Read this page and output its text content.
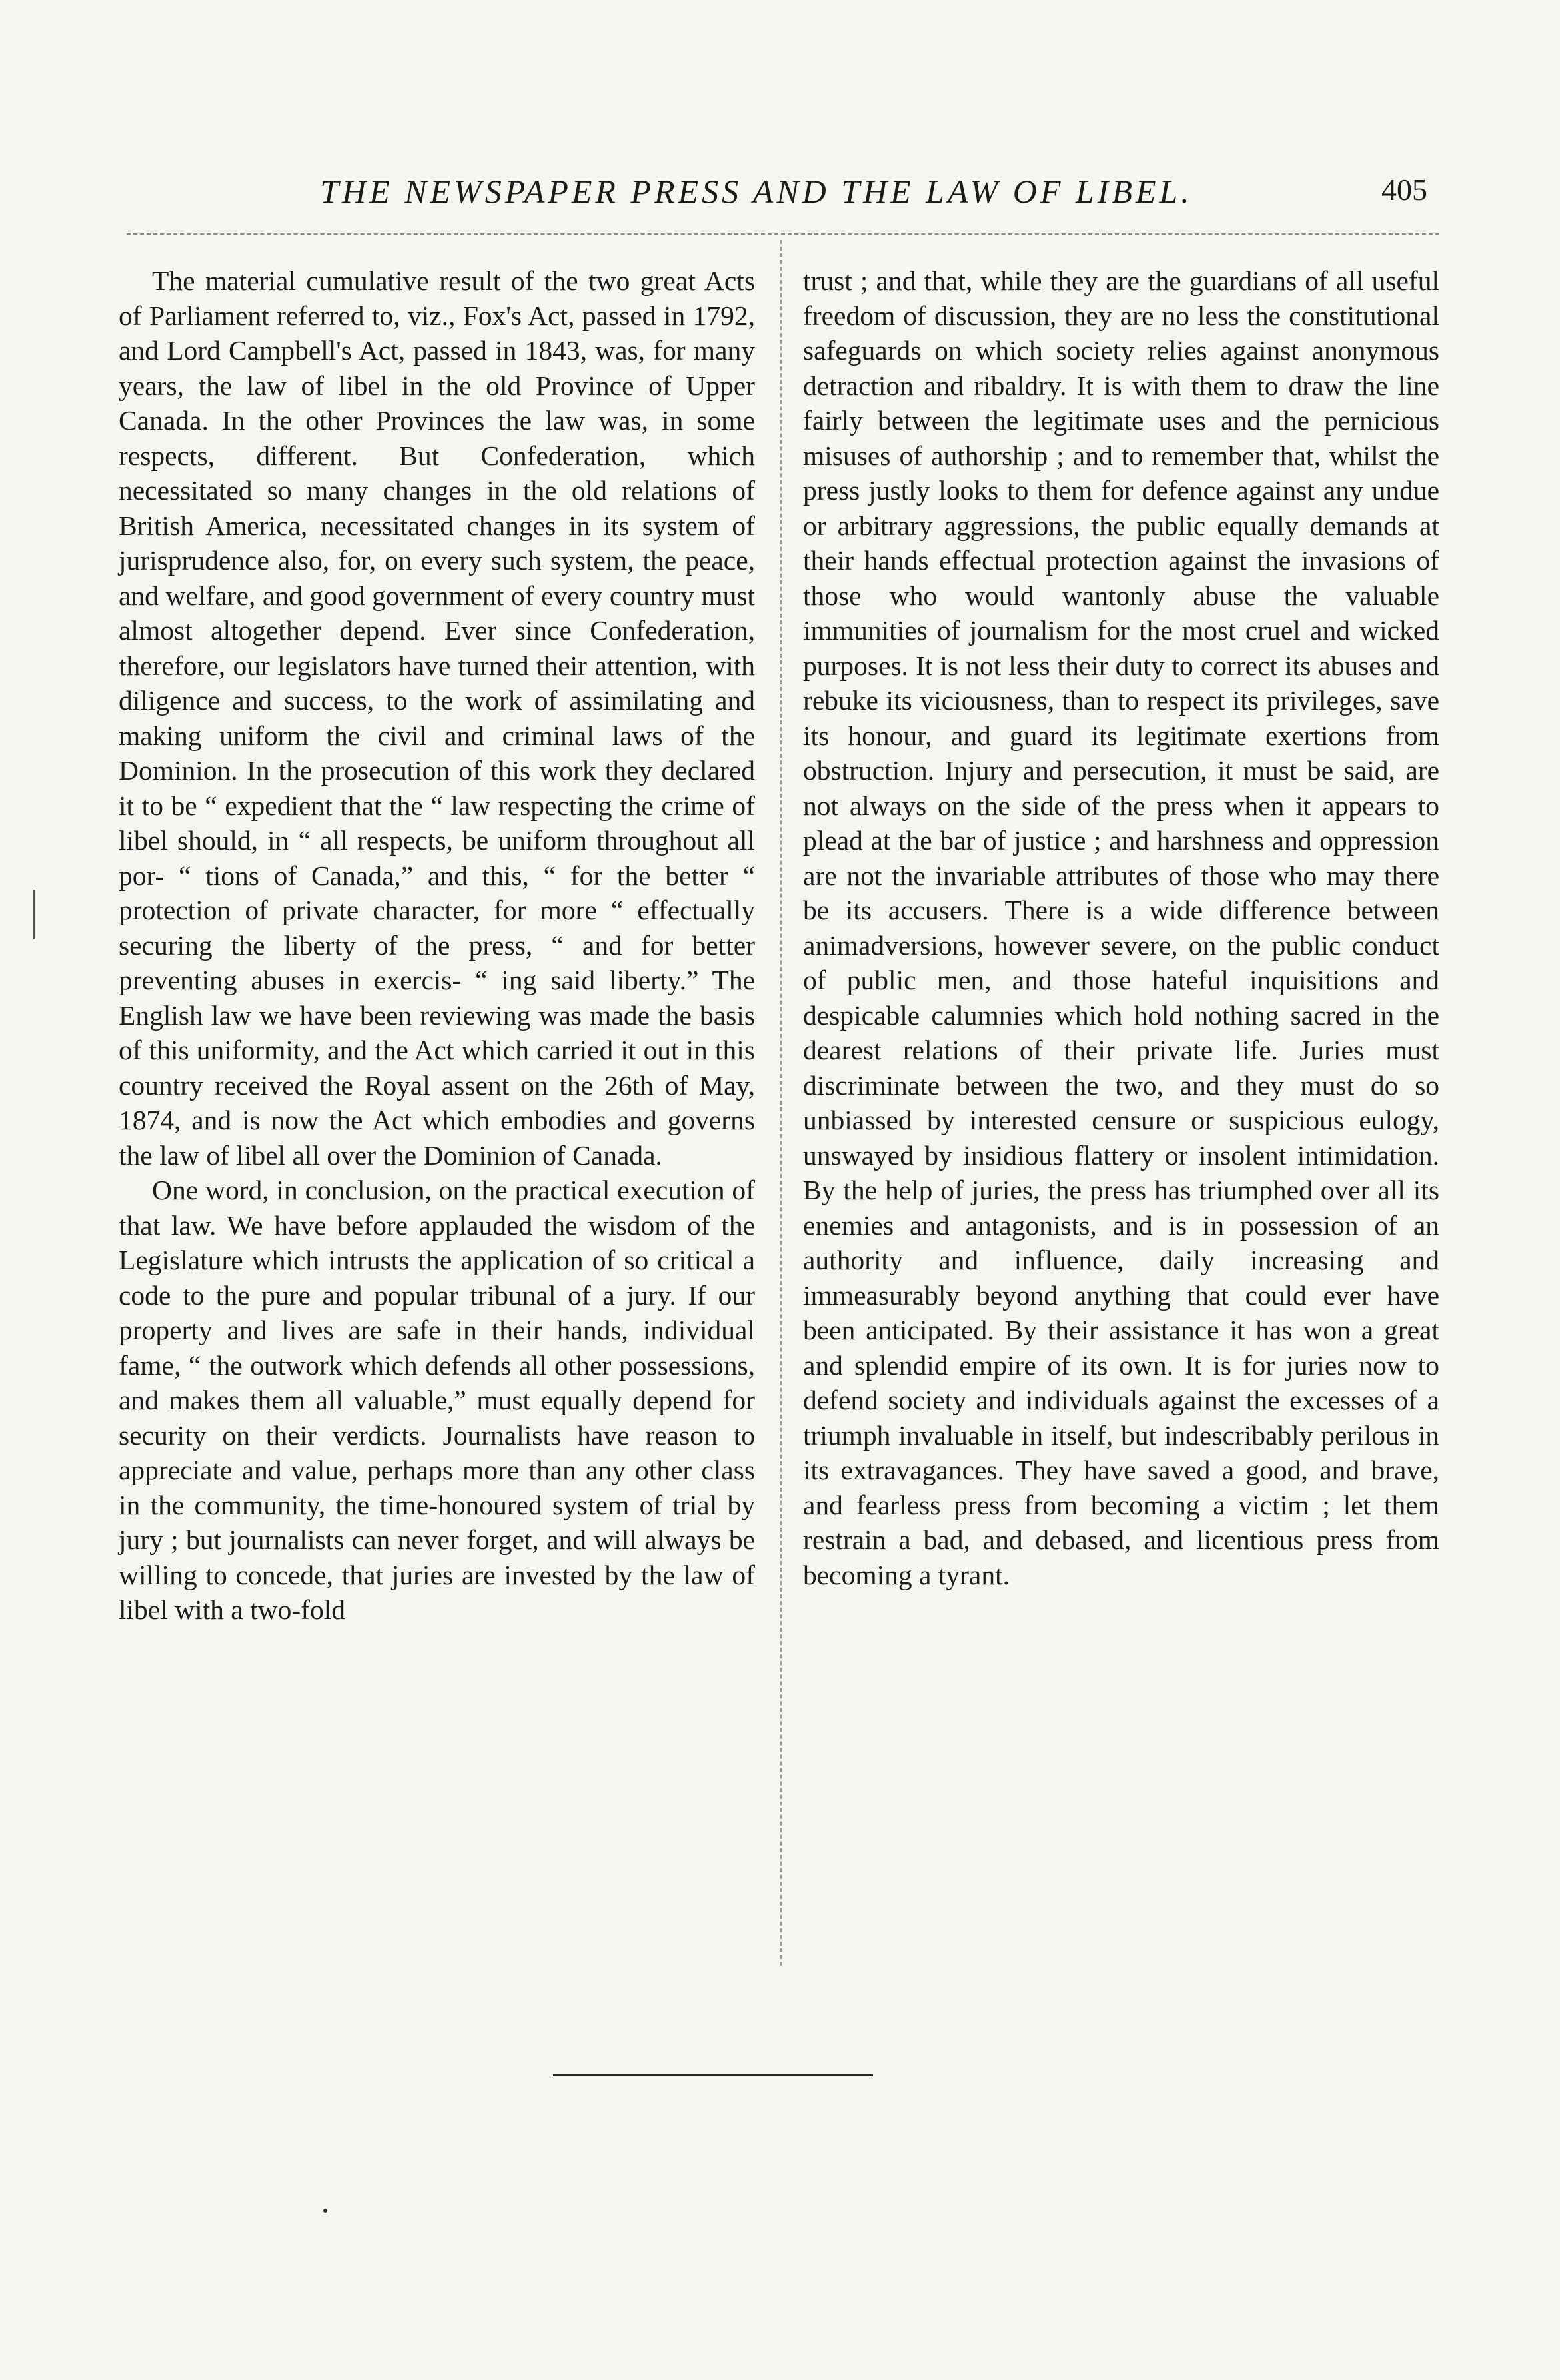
THE NEWSPAPER PRESS AND THE LAW OF LIBEL.	405

The material cumulative result of the two great Acts of Parliament referred to, viz., Fox's Act, passed in 1792, and Lord Campbell's Act, passed in 1843, was, for many years, the law of libel in the old Province of Upper Canada. In the other Provinces the law was, in some respects, different. But Confederation, which necessitated so many changes in the old relations of British America, necessitated changes in its system of jurisprudence also, for, on every such system, the peace, and welfare, and good government of every country must almost altogether depend. Ever since Confederation, therefore, our legislators have turned their attention, with diligence and success, to the work of assimilating and making uniform the civil and criminal laws of the Dominion. In the prosecution of this work they declared it to be “ expedient that the “ law respecting the crime of libel should, in “ all respects, be uniform throughout all por- “ tions of Canada,” and this, “ for the better “ protection of private character, for more “ effectually securing the liberty of the press, “ and for better preventing abuses in exercis- “ ing said liberty.” The English law we have been reviewing was made the basis of this uniformity, and the Act which carried it out in this country received the Royal assent on the 26th of May, 1874, and is now the Act which embodies and governs the law of libel all over the Dominion of Canada.

One word, in conclusion, on the practical execution of that law. We have before applauded the wisdom of the Legislature which intrusts the application of so critical a code to the pure and popular tribunal of a jury. If our property and lives are safe in their hands, individual fame, “ the outwork which defends all other possessions, and makes them all valuable,” must equally depend for security on their verdicts. Journalists have reason to appreciate and value, perhaps more than any other class in the community, the time-honoured system of trial by jury ; but journalists can never forget, and will always be willing to concede, that juries are invested by the law of libel with a two-fold

trust ; and that, while they are the guardians of all useful freedom of discussion, they are no less the constitutional safeguards on which society relies against anonymous detraction and ribaldry. It is with them to draw the line fairly between the legitimate uses and the pernicious misuses of authorship ; and to remember that, whilst the press justly looks to them for defence against any undue or arbitrary aggressions, the public equally demands at their hands effectual protection against the invasions of those who would wantonly abuse the valuable immunities of journalism for the most cruel and wicked purposes. It is not less their duty to correct its abuses and rebuke its viciousness, than to respect its privileges, save its honour, and guard its legitimate exertions from obstruction. Injury and persecution, it must be said, are not always on the side of the press when it appears to plead at the bar of justice ; and harshness and oppression are not the invariable attributes of those who may there be its accusers. There is a wide difference between animadversions, however severe, on the public conduct of public men, and those hateful inquisitions and despicable calumnies which hold nothing sacred in the dearest relations of their private life. Juries must discriminate between the two, and they must do so unbiassed by interested censure or suspicious eulogy, unswayed by insidious flattery or insolent intimidation. By the help of juries, the press has triumphed over all its enemies and antagonists, and is in possession of an authority and influence, daily increasing and immeasurably beyond anything that could ever have been anticipated. By their assistance it has won a great and splendid empire of its own. It is for juries now to defend society and individuals against the excesses of a triumph invaluable in itself, but indescribably perilous in its extravagances. They have saved a good, and brave, and fearless press from becoming a victim ; let them restrain a bad, and debased, and licentious press from becoming a tyrant.
